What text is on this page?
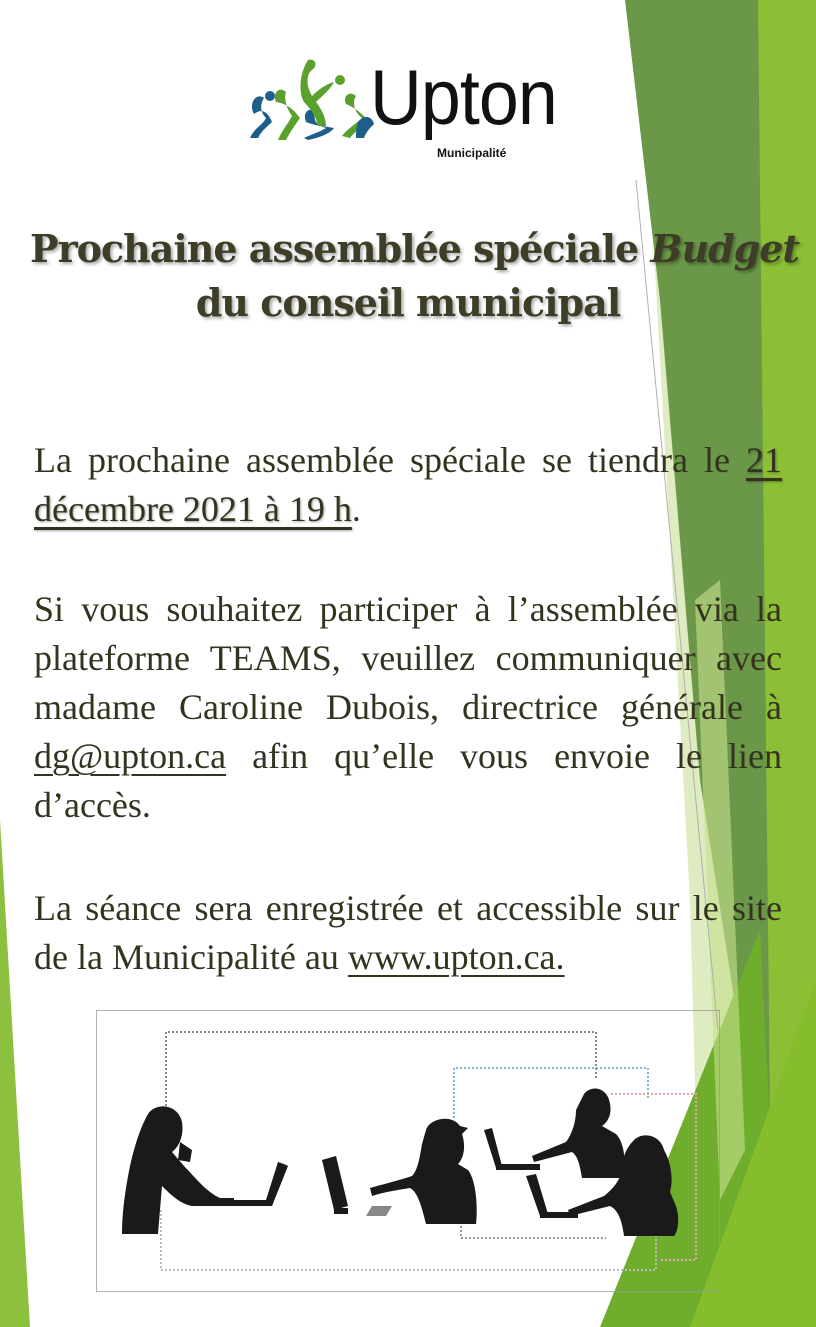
Upton
Municipalité
Prochaine assemblée spéciale Budget
du conseil municipal
La prochaine assemblée spéciale se tiendra le 21 décembre 2021 à 19 h.
Si vous souhaitez participer à l’assemblée via la plateforme TEAMS, veuillez communiquer avec madame Caroline Dubois, directrice générale à dg@upton.ca afin qu’elle vous envoie le lien d’accès.
La séance sera enregistrée et accessible sur le site de la Municipalité au www.upton.ca.
